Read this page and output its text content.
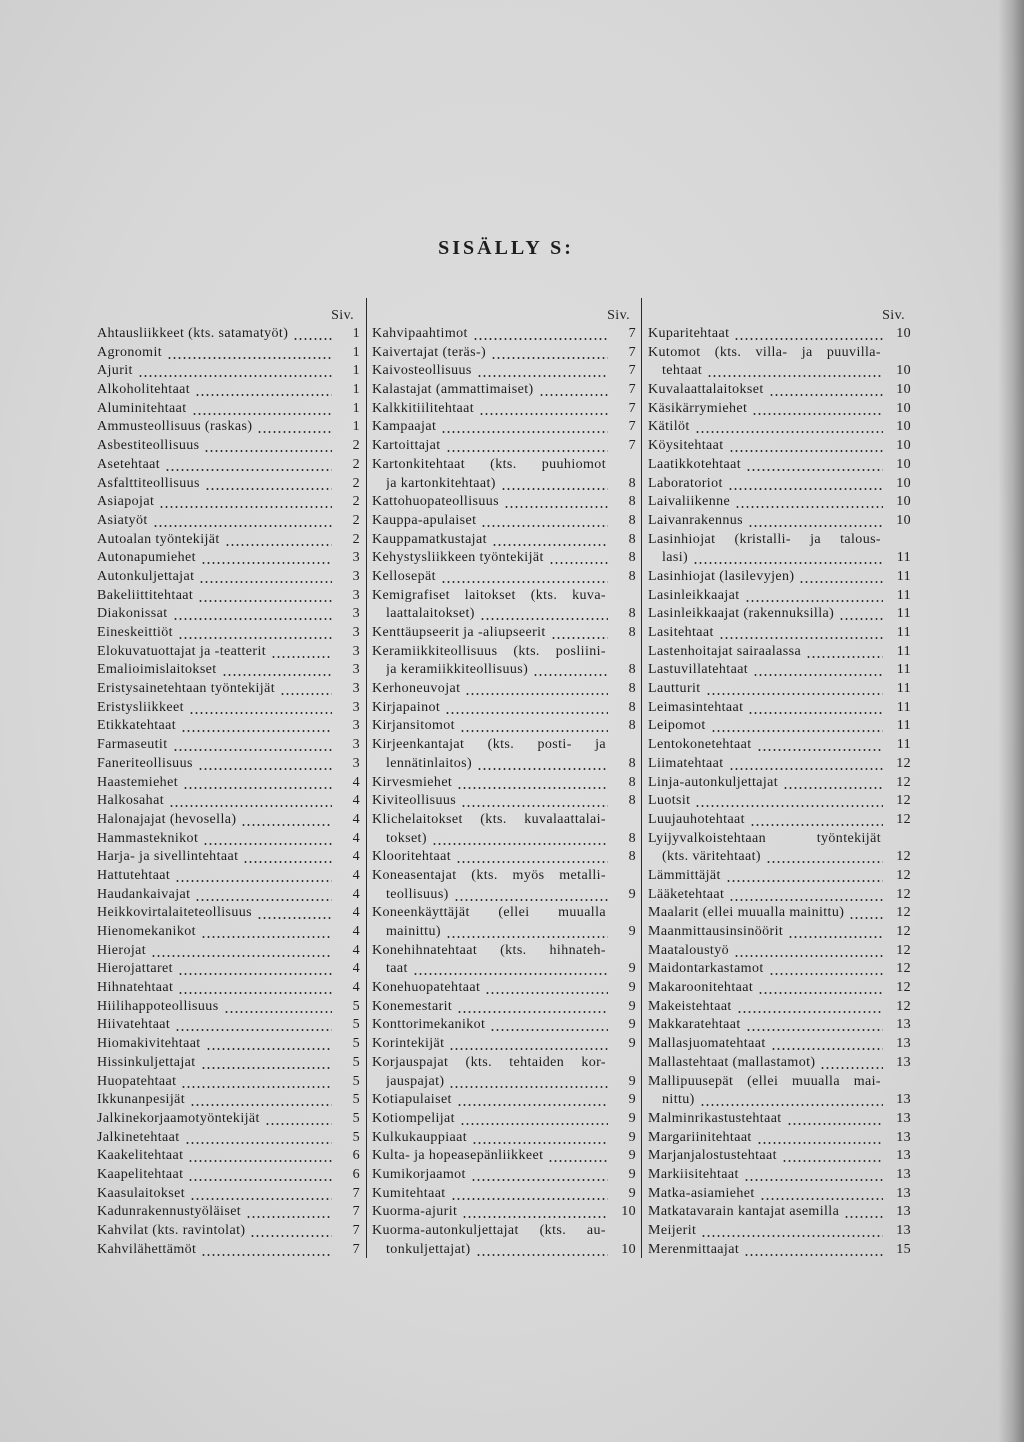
SISÄLLY S:
Siv.
Ahtausliikkeet (kts. satamatyöt)	1
Agronomit	1
Ajurit	1
Alkoholitehtaat	1
Aluminitehtaat	1
Ammusteollisuus (raskas)	1
Asbestiteollisuus	2
Asetehtaat	2
Asfalttiteollisuus	2
Asiapojat	2
Asiatyöt	2
Autoalan työntekijät	2
Autonapumiehet	3
Autonkuljettajat	3
Bakeliittitehtaat	3
Diakonissat	3
Eineskeittiöt	3
Elokuvatuottajat ja -teatterit	3
Emalioimislaitokset	3
Eristysainetehtaan työntekijät	3
Eristysliikkeet	3
Etikkatehtaat	3
Farmaseutit	3
Faneriteollisuus	3
Haastemiehet	4
Halkosahat	4
Halonajajat (hevosella)	4
Hammasteknikot	4
Harja- ja sivellintehtaat	4
Hattutehtaat	4
Haudankaivajat	4
Heikkovirtalaiteteollisuus	4
Hienomekanikot	4
Hierojat	4
Hierojattaret	4
Hihnatehtaat	4
Hiilihappoteollisuus	5
Hiivatehtaat	5
Hiomakivitehtaat	5
Hissinkuljettajat	5
Huopatehtaat	5
Ikkunanpesijät	5
Jalkinekorjaamotyöntekijät	5
Jalkinetehtaat	5
Kaakelitehtaat	6
Kaapelitehtaat	6
Kaasulaitokset	7
Kadunrakennustyöläiset	7
Kahvilat (kts. ravintolat)	7
Kahvilähettämöt	7
Siv.
Kahvipaahtimot	7
Kaivertajat (teräs-)	7
Kaivosteollisuus	7
Kalastajat (ammattimaiset)	7
Kalkkitiilitehtaat	7
Kampaajat	7
Kartoittajat	7
Kartonkitehtaat (kts. puuhiomot
ja kartonkitehtaat)	8
Kattohuopateollisuus	8
Kauppa-apulaiset	8
Kauppamatkustajat	8
Kehystysliikkeen työntekijät	8
Kellosepät	8
Kemigrafiset laitokset (kts. kuva-
laattalaitokset)	8
Kenttäupseerit ja -aliupseerit	8
Keramiikkiteollisuus (kts. posliini-
ja keramiikkiteollisuus)	8
Kerhoneuvojat	8
Kirjapainot	8
Kirjansitomot	8
Kirjeenkantajat (kts. posti- ja
lennätinlaitos)	8
Kirvesmiehet	8
Kiviteollisuus	8
Klichelaitokset (kts. kuvalaattalai-
tokset)	8
Klooritehtaat	8
Koneasentajat (kts. myös metalli-
teollisuus)	9
Koneenkäyttäjät (ellei muualla
mainittu)	9
Konehihnatehtaat (kts. hihnateh-
taat	9
Konehuopatehtaat	9
Konemestarit	9
Konttorimekanikot	9
Korintekijät	9
Korjauspajat (kts. tehtaiden kor-
jauspajat)	9
Kotiapulaiset	9
Kotiompelijat	9
Kulkukauppiaat	9
Kulta- ja hopeasepänliikkeet	9
Kumikorjaamot	9
Kumitehtaat	9
Kuorma-ajurit	10
Kuorma-autonkuljettajat (kts. au-
tonkuljettajat)	10
Siv.
Kuparitehtaat	10
Kutomot (kts. villa- ja puuvilla-
tehtaat	10
Kuvalaattalaitokset	10
Käsikärrymiehet	10
Kätilöt	10
Köysitehtaat	10
Laatikkotehtaat	10
Laboratoriot	10
Laivaliikenne	10
Laivanrakennus	10
Lasinhiojat (kristalli- ja talous-
lasi)	11
Lasinhiojat (lasilevyjen)	11
Lasinleikkaajat	11
Lasinleikkaajat (rakennuksilla)	11
Lasitehtaat	11
Lastenhoitajat sairaalassa	11
Lastuvillatehtaat	11
Lautturit	11
Leimasintehtaat	11
Leipomot	11
Lentokonetehtaat	11
Liimatehtaat	12
Linja-autonkuljettajat	12
Luotsit	12
Luujauhotehtaat	12
Lyijyvalkoistehtaan työntekijät
(kts. väritehtaat)	12
Lämmittäjät	12
Lääketehtaat	12
Maalarit (ellei muualla mainittu)	12
Maanmittausinsinöörit	12
Maataloustyö	12
Maidontarkastamot	12
Makaroonitehtaat	12
Makeistehtaat	12
Makkaratehtaat	13
Mallasjuomatehtaat	13
Mallastehtaat (mallastamot)	13
Mallipuusepät (ellei muualla mai-
nittu)	13
Malminrikastustehtaat	13
Margariinitehtaat	13
Marjanjalostustehtaat	13
Markiisitehtaat	13
Matka-asiamiehet	13
Matkatavarain kantajat asemilla	13
Meijerit	13
Merenmittaajat	15
